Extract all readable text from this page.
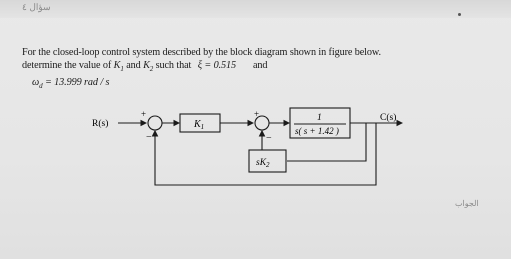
ﺳﺆال ٤
For the closed-loop control system described by the block diagram shown in figure below.
determine the value of $K_1$ and $K_2$ such that ξ = 0.515 and
$\omega_d = 13.999$ rad / s
R(s)
C(s)
+
−
+
−
$K_1$
1
s( s + 1.42 )
$sK_2$
ﺍﻟﺠﻮاب
